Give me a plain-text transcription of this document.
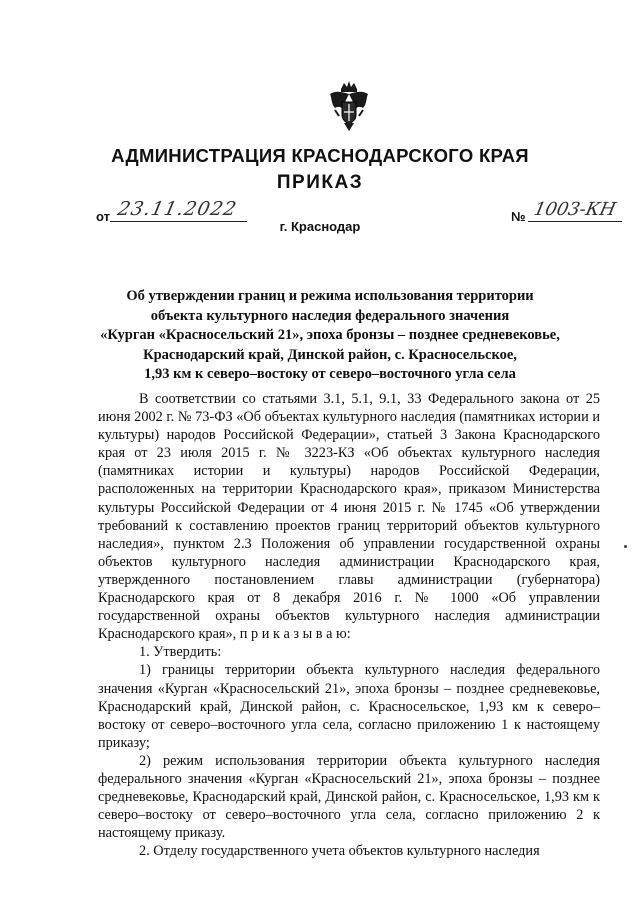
АДМИНИСТРАЦИЯ КРАСНОДАРСКОГО КРАЯ
ПРИКАЗ
от 23.11.2022
г. Краснодар
№ 1003-КН
Об утверждении границ и режима использования территории
объекта культурного наследия федерального значения
«Курган «Красносельский 21», эпоха бронзы – позднее средневековье,
Краснодарский край, Динской район, с. Красносельское,
1,93 км к северо–востоку от северо–восточного угла села

В соответствии со статьями 3.1, 5.1, 9.1, 33 Федерального закона от 25 июня 2002 г. № 73-ФЗ «Об объектах культурного наследия (памятниках истории и культуры) народов Российской Федерации», статьей 3 Закона Краснодарского края от 23 июля 2015 г. № 3223-КЗ «Об объектах культурного наследия (памятниках истории и культуры) народов Российской Федерации, расположенных на территории Краснодарского края», приказом Министерства культуры Российской Федерации от 4 июня 2015 г. № 1745 «Об утверждении требований к составлению проектов границ территорий объектов культурного наследия», пунктом 2.3 Положения об управлении государственной охраны объектов культурного наследия администрации Краснодарского края, утвержденного постановлением главы администрации (губернатора) Краснодарского края от 8 декабря 2016 г. № 1000 «Об управлении государственной охраны объектов культурного наследия администрации Краснодарского края», п р и к а з ы в а ю:

1. Утвердить:

1) границы территории объекта культурного наследия федерального значения «Курган «Красносельский 21», эпоха бронзы – позднее средневековье, Краснодарский край, Динской район, с. Красносельское, 1,93 км к северо–востоку от северо–восточного угла села, согласно приложению 1 к настоящему приказу;

2) режим использования территории объекта культурного наследия федерального значения «Курган «Красносельский 21», эпоха бронзы – позднее средневековье, Краснодарский край, Динской район, с. Красносельское, 1,93 км к северо–востоку от северо–восточного угла села, согласно приложению 2 к настоящему приказу.

2. Отделу государственного учета объектов культурного наследия
